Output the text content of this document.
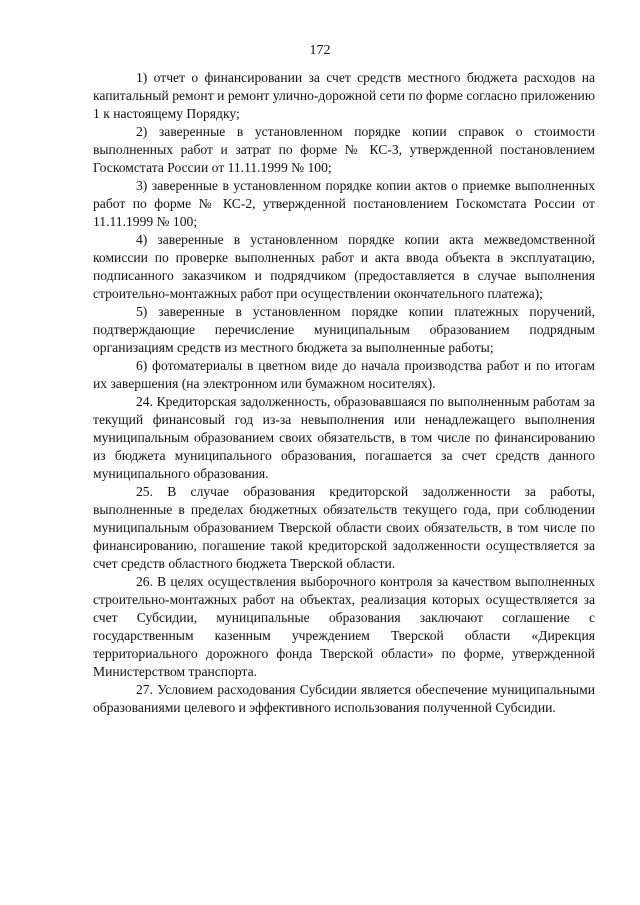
172

1) отчет о финансировании за счет средств местного бюджета расходов на капитальный ремонт и ремонт улично-дорожной сети по форме согласно приложению 1 к настоящему Порядку;

2) заверенные в установленном порядке копии справок о стоимости выполненных работ и затрат по форме № КС-3, утвержденной постановлением Госкомстата России от 11.11.1999 № 100;

3) заверенные в установленном порядке копии актов о приемке выполненных работ по форме № КС-2, утвержденной постановлением Госкомстата России от 11.11.1999 № 100;

4) заверенные в установленном порядке копии акта межведомственной комиссии по проверке выполненных работ и акта ввода объекта в эксплуатацию, подписанного заказчиком и подрядчиком (предоставляется в случае выполнения строительно-монтажных работ при осуществлении окончательного платежа);

5) заверенные в установленном порядке копии платежных поручений, подтверждающие перечисление муниципальным образованием подрядным организациям средств из местного бюджета за выполненные работы;

6) фотоматериалы в цветном виде до начала производства работ и по итогам их завершения (на электронном или бумажном носителях).

24. Кредиторская задолженность, образовавшаяся по выполненным работам за текущий финансовый год из-за невыполнения или ненадлежащего выполнения муниципальным образованием своих обязательств, в том числе по финансированию из бюджета муниципального образования, погашается за счет средств данного муниципального образования.

25. В случае образования кредиторской задолженности за работы, выполненные в пределах бюджетных обязательств текущего года, при соблюдении муниципальным образованием Тверской области своих обязательств, в том числе по финансированию, погашение такой кредиторской задолженности осуществляется за счет средств областного бюджета Тверской области.

26. В целях осуществления выборочного контроля за качеством выполненных строительно-монтажных работ на объектах, реализация которых осуществляется за счет Субсидии, муниципальные образования заключают соглашение с государственным казенным учреждением Тверской области «Дирекция территориального дорожного фонда Тверской области» по форме, утвержденной Министерством транспорта.

27. Условием расходования Субсидии является обеспечение муниципальными образованиями целевого и эффективного использования полученной Субсидии.
